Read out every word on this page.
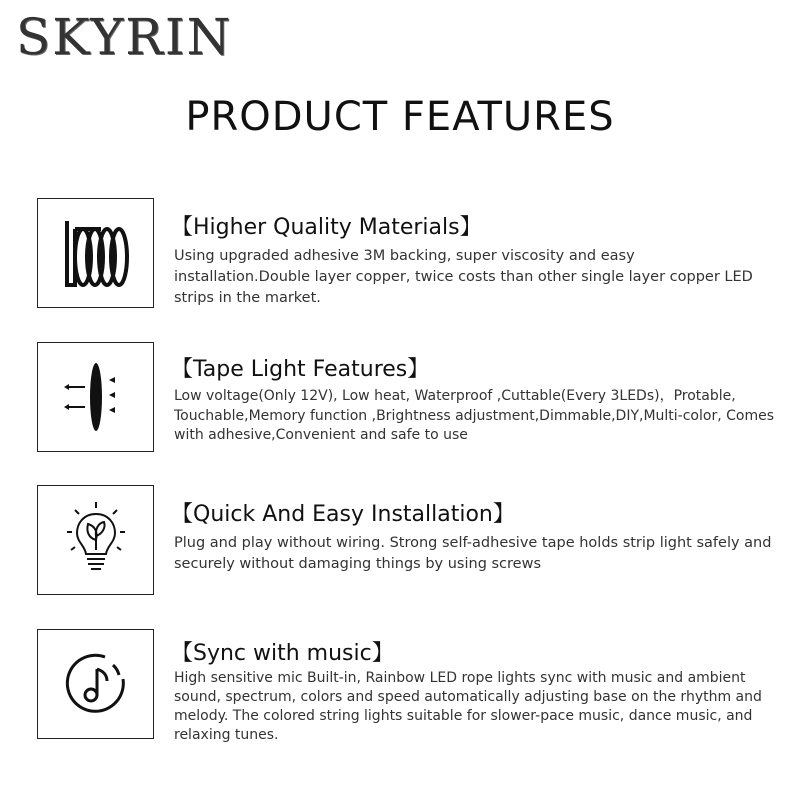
SKYRIN
PRODUCT FEATURES
【Higher Quality Materials】
Using upgraded adhesive 3M backing, super viscosity and easy installation.Double layer copper, twice costs than other single layer copper LED strips in the market.
【Tape Light Features】
Low voltage(Only 12V), Low heat, Waterproof ,Cuttable(Every 3LEDs)，Protable, Touchable,Memory function ,Brightness adjustment,Dimmable,DIY,Multi-color, Comes with adhesive,Convenient and safe to use
【Quick And Easy Installation】
Plug and play without wiring. Strong self-adhesive tape holds strip light safely and securely without damaging things by using screws
【Sync with music】
High sensitive mic Built-in, Rainbow LED rope lights sync with music and ambient sound, spectrum, colors and speed automatically adjusting base on the rhythm and melody. The colored string lights suitable for slower-pace music, dance music, and relaxing tunes.
